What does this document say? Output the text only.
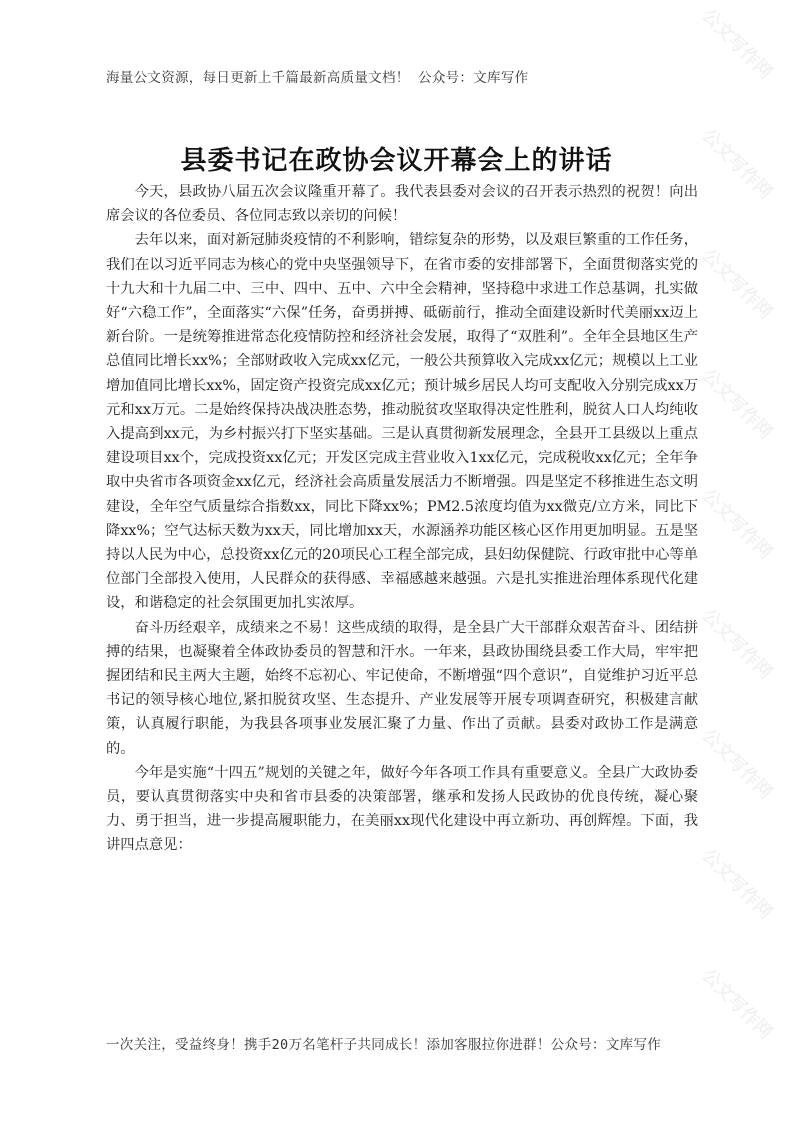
公文写作网
公文写作网
公文写作网
公文写作网
公文写作网
公文写作网
公文写作网
公文写作网
公文写作网
海量公文资源，每日更新上千篇最新高质量文档！ 公众号：文库写作
县委书记在政协会议开幕会上的讲话

今天，县政协八届五次会议隆重开幕了。我代表县委对会议的召开表示热烈的祝贺！向出席会议的各位委员、各位同志致以亲切的问候！

去年以来，面对新冠肺炎疫情的不利影响，错综复杂的形势，以及艰巨繁重的工作任务，我们在以习近平同志为核心的党中央坚强领导下，在省市委的安排部署下，全面贯彻落实党的十九大和十九届二中、三中、四中、五中、六中全会精神，坚持稳中求进工作总基调，扎实做好“六稳工作”，全面落实“六保”任务，奋勇拼搏、砥砺前行，推动全面建设新时代美丽xx迈上新台阶。一是统筹推进常态化疫情防控和经济社会发展，取得了“双胜利”。全年全县地区生产总值同比增长xx%；全部财政收入完成xx亿元，一般公共预算收入完成xx亿元；规模以上工业增加值同比增长xx%，固定资产投资完成xx亿元；预计城乡居民人均可支配收入分别完成xx万元和xx万元。二是始终保持决战决胜态势，推动脱贫攻坚取得决定性胜利，脱贫人口人均纯收入提高到xx元，为乡村振兴打下坚实基础。三是认真贯彻新发展理念，全县开工县级以上重点建设项目xx个，完成投资xx亿元；开发区完成主营业收入1xx亿元，完成税收xx亿元；全年争取中央省市各项资金xx亿元，经济社会高质量发展活力不断增强。四是坚定不移推进生态文明建设，全年空气质量综合指数xx，同比下降xx%；PM2.5浓度均值为xx微克/立方米，同比下降xx%；空气达标天数为xx天，同比增加xx天，水源涵养功能区核心区作用更加明显。五是坚持以人民为中心，总投资xx亿元的20项民心工程全部完成，县妇幼保健院、行政审批中心等单位部门全部投入使用，人民群众的获得感、幸福感越来越强。六是扎实推进治理体系现代化建设，和谐稳定的社会氛围更加扎实浓厚。

奋斗历经艰辛，成绩来之不易！这些成绩的取得，是全县广大干部群众艰苦奋斗、团结拼搏的结果，也凝聚着全体政协委员的智慧和汗水。一年来，县政协围绕县委工作大局，牢牢把握团结和民主两大主题，始终不忘初心、牢记使命，不断增强“四个意识”，自觉维护习近平总书记的领导核心地位,紧扣脱贫攻坚、生态提升、产业发展等开展专项调查研究，积极建言献策，认真履行职能，为我县各项事业发展汇聚了力量、作出了贡献。县委对政协工作是满意的。

今年是实施“十四五”规划的关键之年，做好今年各项工作具有重要意义。全县广大政协委员，要认真贯彻落实中央和省市县委的决策部署，继承和发扬人民政协的优良传统，凝心聚力、勇于担当，进一步提高履职能力，在美丽xx现代化建设中再立新功、再创辉煌。下面，我讲四点意见：

一次关注，受益终身！携手20万名笔杆子共同成长！添加客服拉你进群！公众号：文库写作
